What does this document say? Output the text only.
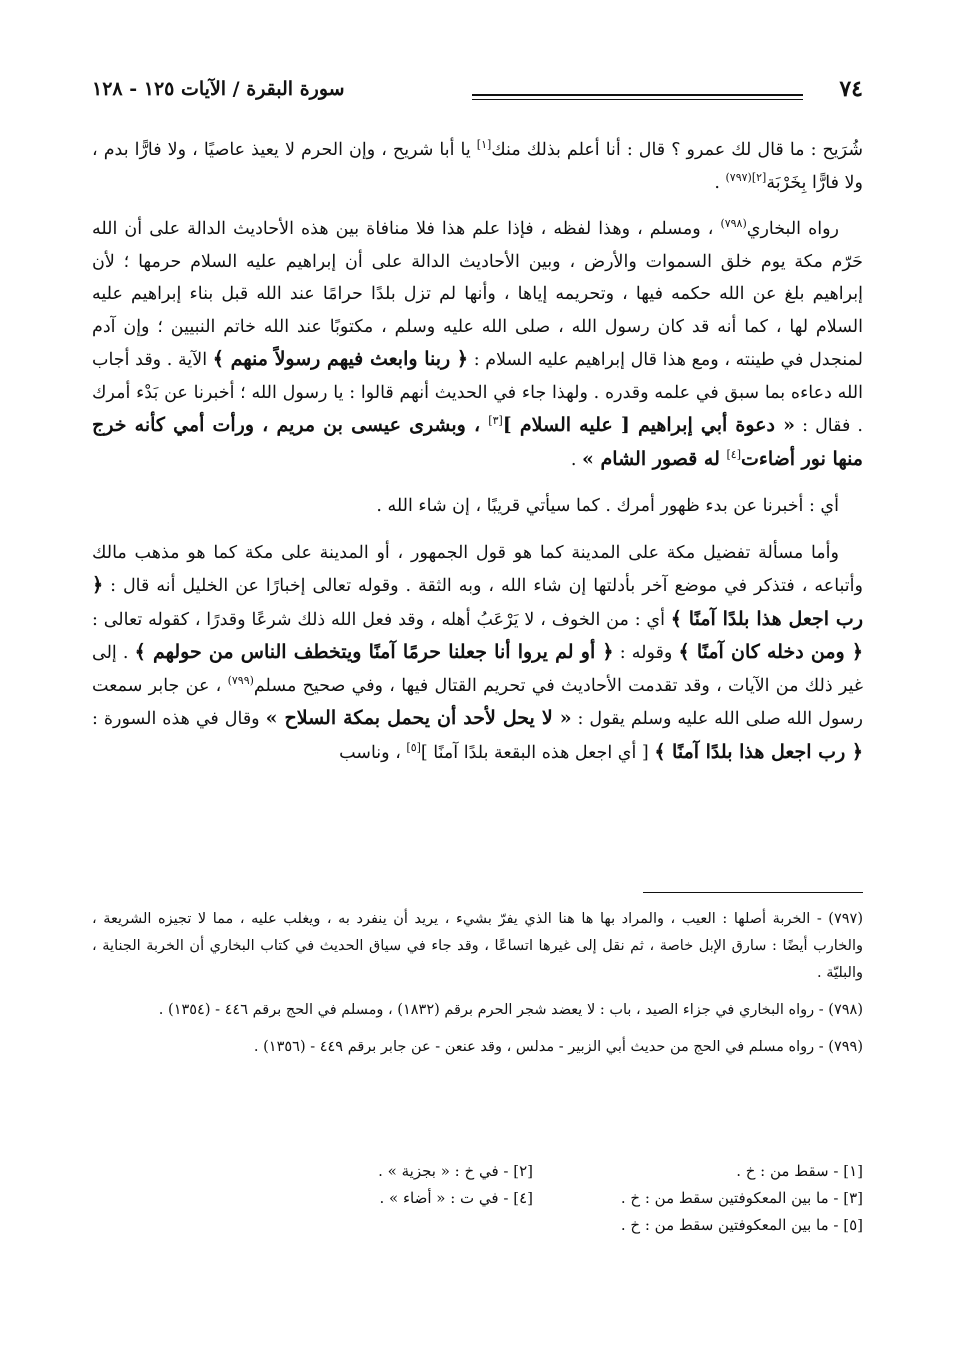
٧٤
سورة البقرة / الآيات ١٢٥ - ١٢٨

شُرَيح : ما قال لك عمرو ؟ قال : أنا أعلم بذلك منك[١] يا أبا شريح ، وإن الحرم لا يعيذ عاصيًا ، ولا فارًّا بدم ، ولا فارًّا بِخَرْبَة$^{[٢](٧٩٧)}$ .

رواه البخاري$^{(٧٩٨)}$ ، ومسلم ، وهذا لفظه ، فإذا علم هذا فلا منافاة بين هذه الأحاديث الدالة على أن الله حَرّم مكة يوم خلق السموات والأرض ، وبين الأحاديث الدالة على أن إبراهيم عليه السلام حرمها ؛ لأن إبراهيم بلغ عن الله حكمه فيها ، وتحريمه إياها ، وأنها لم تزل بلدًا حرامًا عند الله قبل بناء إبراهيم عليه السلام لها ، كما أنه قد كان رسول الله ، صلى الله عليه وسلم ، مكتوبًا عند الله خاتم النبيين ؛ وإن آدم لمنجدل في طينته ، ومع هذا قال إبراهيم عليه السلام : ﴿ ربنا وابعث فيهم رسولاً منهم ﴾ الآية . وقد أجاب الله دعاءه بما سبق في علمه وقدره . ولهذا جاء في الحديث أنهم قالوا : يا رسول الله ؛ أخبرنا عن بَدْء أمرك . فقال : « دعوة أبي إبراهيم [ عليه السلام ][٣] ، وبشرى عيسى بن مريم ، ورأت أمي كأنه خرج منها نور أضاءت[٤] له قصور الشام » .

أي : أخبرنا عن بدء ظهور أمرك . كما سيأتي قريبًا ، إن شاء الله .

وأما مسألة تفضيل مكة على المدينة كما هو قول الجمهور ، أو المدينة على مكة كما هو مذهب مالك وأتباعه ، فتذكر في موضع آخر بأدلتها إن شاء الله ، وبه الثقة . وقوله تعالى إخبارًا عن الخليل أنه قال : ﴿ رب اجعل هذا بلدًا آمنًا ﴾ أي : من الخوف ، لا يَرْعَبُ أهله ، وقد فعل الله ذلك شرعًا وقدرًا ، كقوله تعالى : ﴿ ومن دخله كان آمنًا ﴾ وقوله : ﴿ أو لم يروا أنا جعلنا حرمًا آمنًا ويتخطف الناس من حولهم ﴾ . إلى غير ذلك من الآيات ، وقد تقدمت الأحاديث في تحريم القتال فيها ، وفي صحيح مسلم$^{(٧٩٩)}$ ، عن جابر سمعت رسول الله صلى الله عليه وسلم يقول : « لا يحل لأحد أن يحمل بمكة السلاح » وقال في هذه السورة : ﴿ رب اجعل هذا بلدًا آمنًا ﴾ [ أي اجعل هذه البقعة بلدًا آمنًا ][٥] ، وناسب

(٧٩٧) - الخربة أصلها : العيب ، والمراد بها ها هنا الذي يفرّ بشيء ، يريد أن ينفرد به ، ويغلب عليه ، مما لا تجيزه الشريعة ، والخارب أيضًا : سارق الإبل خاصة ، ثم نقل إلى غيرها اتساعًا ، وقد جاء في سياق الحديث في كتاب البخاري أن الخربة الجناية ، والبليّة .
(٧٩٨) - رواه البخاري في جزاء الصيد ، باب : لا يعضد شجر الحرم برقم (١٨٣٢) ، ومسلم في الحج برقم ٤٤٦ - (١٣٥٤) .
(٧٩٩) - رواه مسلم في الحج من حديث أبي الزبير - مدلس ، وقد عنعن - عن جابر برقم ٤٤٩ - (١٣٥٦) .
[١] - سقط من : خ .
[٢] - في خ : « بجزية » .
[٣] - ما بين المعكوفتين سقط من : خ .
[٤] - في ت : « أضاء » .
[٥] - ما بين المعكوفتين سقط من : خ .
